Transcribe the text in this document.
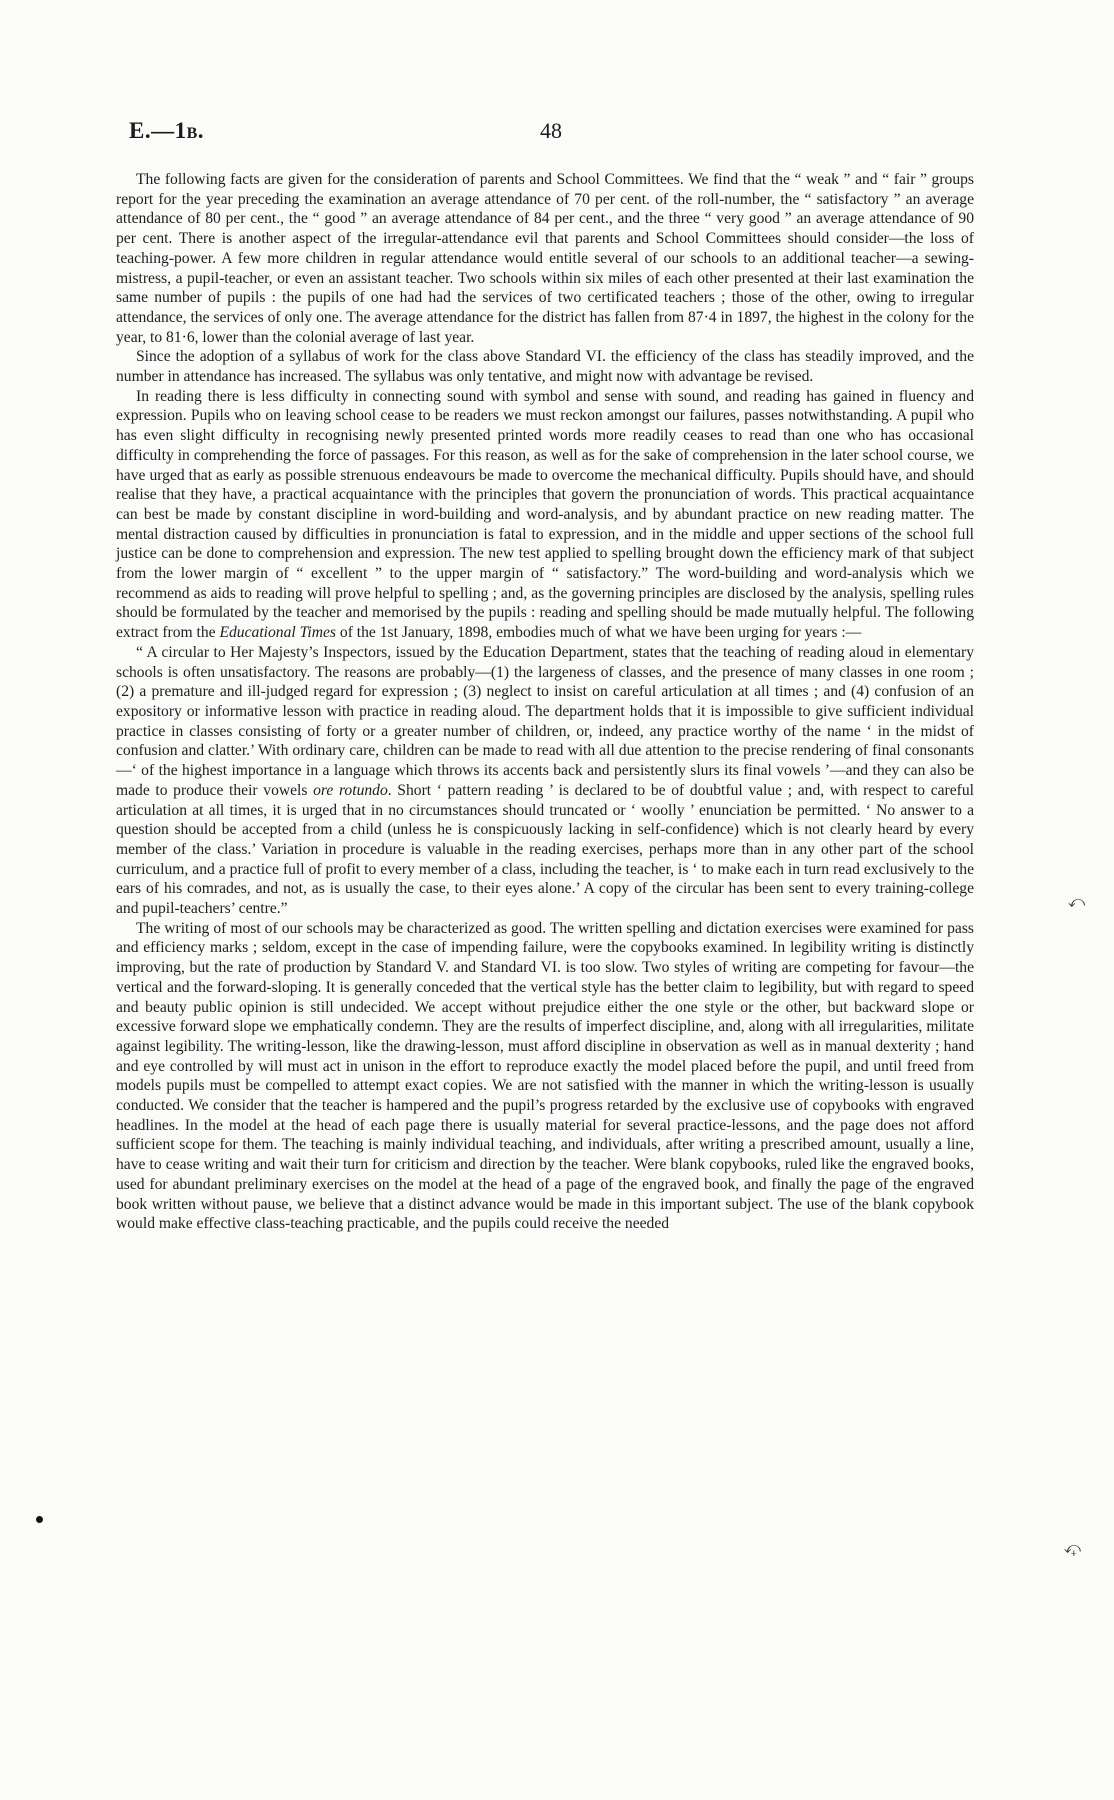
E.—1B.	48

The following facts are given for the consideration of parents and School Committees. We find that the “ weak ” and “ fair ” groups report for the year preceding the examination an average attendance of 70 per cent. of the roll-number, the “ satisfactory ” an average attendance of 80 per cent., the “ good ” an average attendance of 84 per cent., and the three “ very good ” an average attendance of 90 per cent. There is another aspect of the irregular-attendance evil that parents and School Committees should consider—the loss of teaching-power. A few more children in regular attendance would entitle several of our schools to an additional teacher—a sewing-mistress, a pupil-teacher, or even an assistant teacher. Two schools within six miles of each other presented at their last examination the same number of pupils : the pupils of one had had the services of two certificated teachers ; those of the other, owing to irregular attendance, the services of only one. The average attendance for the district has fallen from 87·4 in 1897, the highest in the colony for the year, to 81·6, lower than the colonial average of last year.

Since the adoption of a syllabus of work for the class above Standard VI. the efficiency of the class has steadily improved, and the number in attendance has increased. The syllabus was only tentative, and might now with advantage be revised.

In reading there is less difficulty in connecting sound with symbol and sense with sound, and reading has gained in fluency and expression. Pupils who on leaving school cease to be readers we must reckon amongst our failures, passes notwithstanding. A pupil who has even slight difficulty in recognising newly presented printed words more readily ceases to read than one who has occasional difficulty in comprehending the force of passages. For this reason, as well as for the sake of comprehension in the later school course, we have urged that as early as possible strenuous endeavours be made to overcome the mechanical difficulty. Pupils should have, and should realise that they have, a practical acquaintance with the principles that govern the pronunciation of words. This practical acquaintance can best be made by constant discipline in word-building and word-analysis, and by abundant practice on new reading matter. The mental distraction caused by difficulties in pronunciation is fatal to expression, and in the middle and upper sections of the school full justice can be done to comprehension and expression. The new test applied to spelling brought down the efficiency mark of that subject from the lower margin of “ excellent ” to the upper margin of “ satisfactory.” The word-building and word-analysis which we recommend as aids to reading will prove helpful to spelling ; and, as the governing principles are disclosed by the analysis, spelling rules should be formulated by the teacher and memorised by the pupils : reading and spelling should be made mutually helpful. The following extract from the Educational Times of the 1st January, 1898, embodies much of what we have been urging for years :—

“ A circular to Her Majesty’s Inspectors, issued by the Education Department, states that the teaching of reading aloud in elementary schools is often unsatisfactory. The reasons are probably—(1) the largeness of classes, and the presence of many classes in one room ; (2) a premature and ill-judged regard for expression ; (3) neglect to insist on careful articulation at all times ; and (4) confusion of an expository or informative lesson with practice in reading aloud. The department holds that it is impossible to give sufficient individual practice in classes consisting of forty or a greater number of children, or, indeed, any practice worthy of the name ‘ in the midst of confusion and clatter.’ With ordinary care, children can be made to read with all due attention to the precise rendering of final consonants—‘ of the highest importance in a language which throws its accents back and persistently slurs its final vowels ’—and they can also be made to produce their vowels ore rotundo. Short ‘ pattern reading ’ is declared to be of doubtful value ; and, with respect to careful articulation at all times, it is urged that in no circumstances should truncated or ‘ woolly ’ enunciation be permitted. ‘ No answer to a question should be accepted from a child (unless he is conspicuously lacking in self-confidence) which is not clearly heard by every member of the class.’ Variation in procedure is valuable in the reading exercises, perhaps more than in any other part of the school curriculum, and a practice full of profit to every member of a class, including the teacher, is ‘ to make each in turn read exclusively to the ears of his comrades, and not, as is usually the case, to their eyes alone.’ A copy of the circular has been sent to every training-college and pupil-teachers’ centre.”

The writing of most of our schools may be characterized as good. The written spelling and dictation exercises were examined for pass and efficiency marks ; seldom, except in the case of impending failure, were the copybooks examined. In legibility writing is distinctly improving, but the rate of production by Standard V. and Standard VI. is too slow. Two styles of writing are competing for favour—the vertical and the forward-sloping. It is generally conceded that the vertical style has the better claim to legibility, but with regard to speed and beauty public opinion is still undecided. We accept without prejudice either the one style or the other, but backward slope or excessive forward slope we emphatically condemn. They are the results of imperfect discipline, and, along with all irregularities, militate against legibility. The writing-lesson, like the drawing-lesson, must afford discipline in observation as well as in manual dexterity ; hand and eye controlled by will must act in unison in the effort to reproduce exactly the model placed before the pupil, and until freed from models pupils must be compelled to attempt exact copies. We are not satisfied with the manner in which the writing-lesson is usually conducted. We consider that the teacher is hampered and the pupil’s progress retarded by the exclusive use of copybooks with engraved headlines. In the model at the head of each page there is usually material for several practice-lessons, and the page does not afford sufficient scope for them. The teaching is mainly individual teaching, and individuals, after writing a prescribed amount, usually a line, have to cease writing and wait their turn for criticism and direction by the teacher. Were blank copybooks, ruled like the engraved books, used for abundant preliminary exercises on the model at the head of a page of the engraved book, and finally the page of the engraved book written without pause, we believe that a distinct advance would be made in this important subject. The use of the blank copybook would make effective class-teaching practicable, and the pupils could receive the needed

⤺
⤽
